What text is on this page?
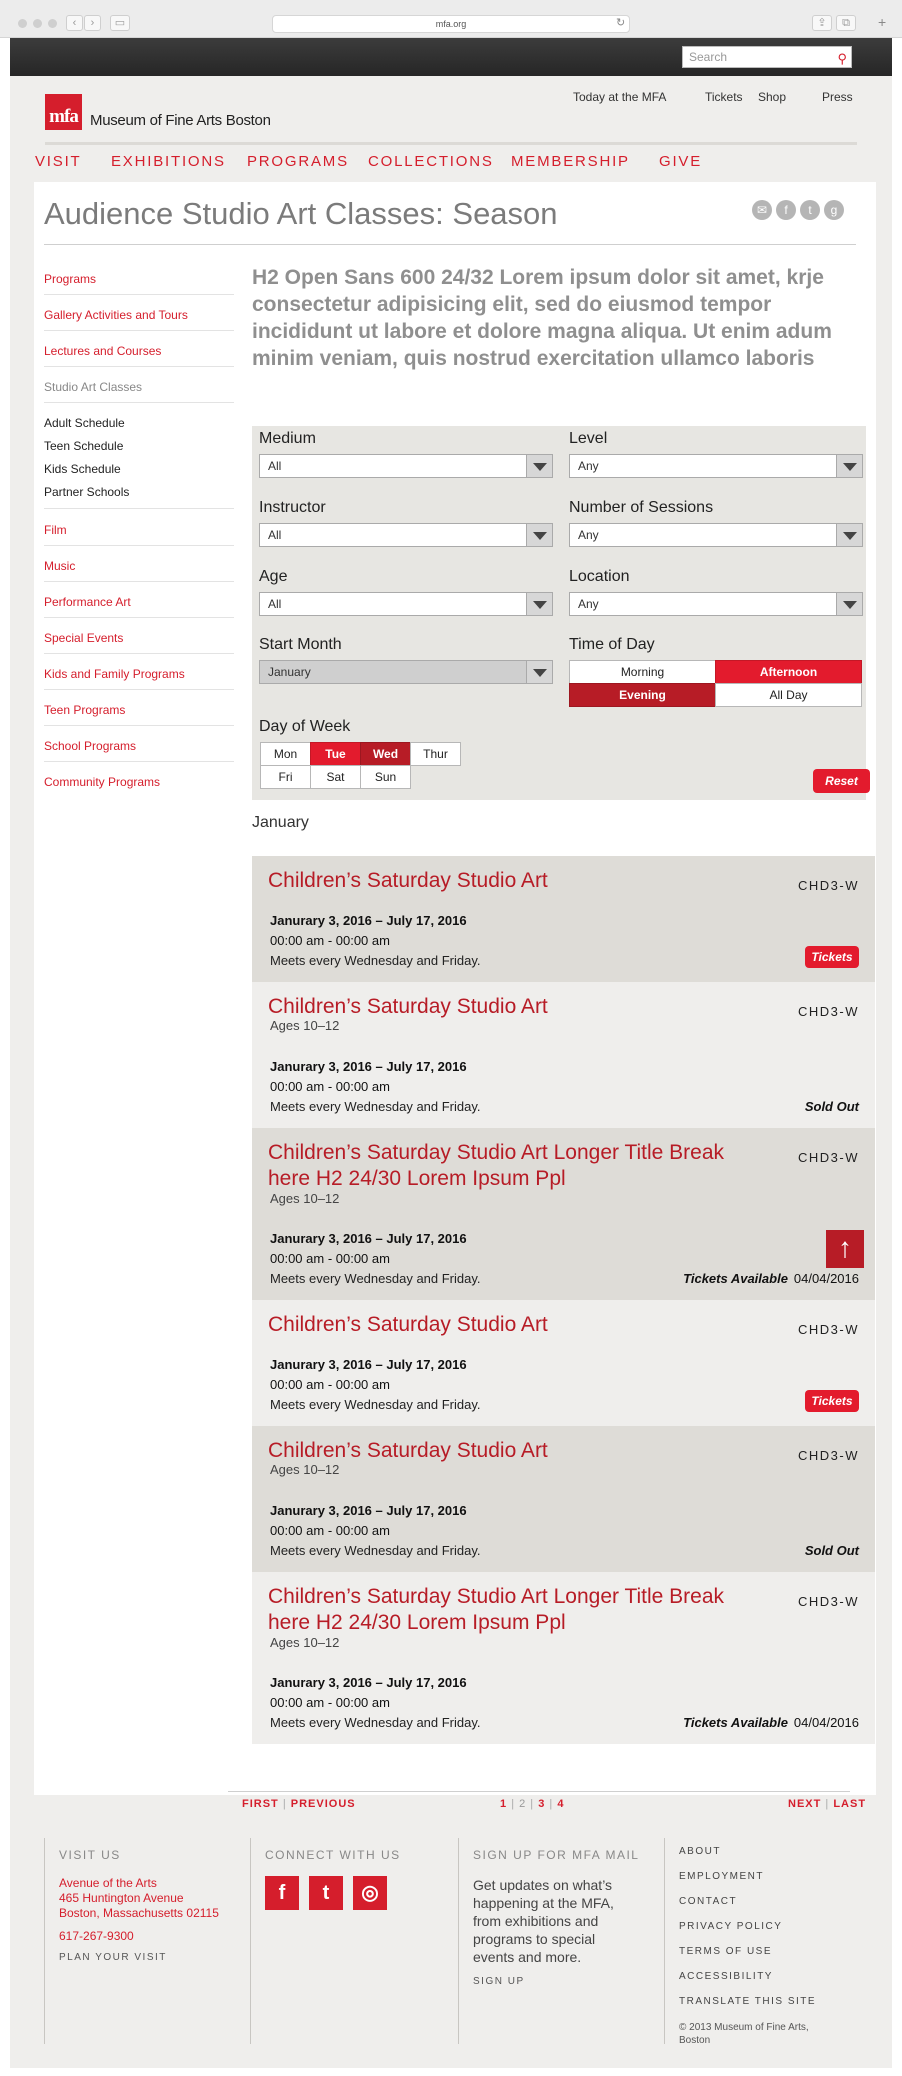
‹	›	▭	mfa.org	↻	⇪	⧉	+
Search	⚲
Today at the MFA	Tickets Shop	Press
mfa Museum of Fine Arts Boston
VISIT EXHIBITIONS PROGRAMS COLLECTIONS MEMBERSHIP GIVE
Audience Studio Art Classes: Season	✉	f	t	g
Programs
Gallery Activities and Tours
Lectures and Courses
Studio Art Classes
Adult Schedule
Teen Schedule
Kids Schedule
Partner Schools
Film
Music
Performance Art
Special Events
Kids and Family Programs
Teen Programs
School Programs
Community Programs

H2 Open Sans 600 24/32 Lorem ipsum dolor sit amet, krje consectetur adipisicing elit, sed do eiusmod tempor incididunt ut labore et dolore magna aliqua. Ut enim adum minim veniam, quis nostrud exercitation ullamco laboris

Medium
All
Level
Any
Instructor
All
Number of Sessions
Any
Age
All
Location
Any
Start Month
January
Time of Day
Morning	Afternoon
Evening	All Day
Day of Week
Mon	Tue	Wed	Thur
Fri	Sat	Sun	Reset
January
Children’s Saturday Studio Art	CHD3-W
Janurary 3, 2016 – July 17, 2016
00:00 am - 00:00 am
Meets every Wednesday and Friday.	Tickets
Children’s Saturday Studio Art	CHD3-W
Ages 10–12
Janurary 3, 2016 – July 17, 2016
00:00 am - 00:00 am
Meets every Wednesday and Friday.	Sold Out
Children’s Saturday Studio Art Longer Title Break here H2 24/30 Lorem Ipsum Ppl
CHD3-W
Ages 10–12
Janurary 3, 2016 – July 17, 2016
00:00 am - 00:00 am
Meets every Wednesday and Friday.	Tickets Available 04/04/2016
Children’s Saturday Studio Art	CHD3-W
Janurary 3, 2016 – July 17, 2016
00:00 am - 00:00 am
Meets every Wednesday and Friday.	Tickets
Children’s Saturday Studio Art	CHD3-W
Ages 10–12
Janurary 3, 2016 – July 17, 2016
00:00 am - 00:00 am
Meets every Wednesday and Friday.	Sold Out
Children’s Saturday Studio Art Longer Title Break here H2 24/30 Lorem Ipsum Ppl
CHD3-W
Ages 10–12
Janurary 3, 2016 – July 17, 2016
00:00 am - 00:00 am
Meets every Wednesday and Friday.	Tickets Available 04/04/2016
↑
FIRST | PREVIOUS	1 | 2 | 3 | 4	NEXT | LAST
VISIT US
Avenue of the Arts
465 Huntington Avenue
Boston, Massachusetts 02115
617-267-9300
PLAN YOUR VISIT
CONNECT WITH US
f t ◎
SIGN UP FOR MFA MAIL
Get updates on what’s happening at the MFA, from exhibitions and programs to special events and more.
SIGN UP
ABOUT
EMPLOYMENT
CONTACT
PRIVACY POLICY
TERMS OF USE
ACCESSIBILITY
TRANSLATE THIS SITE
© 2013 Museum of Fine Arts, Boston
